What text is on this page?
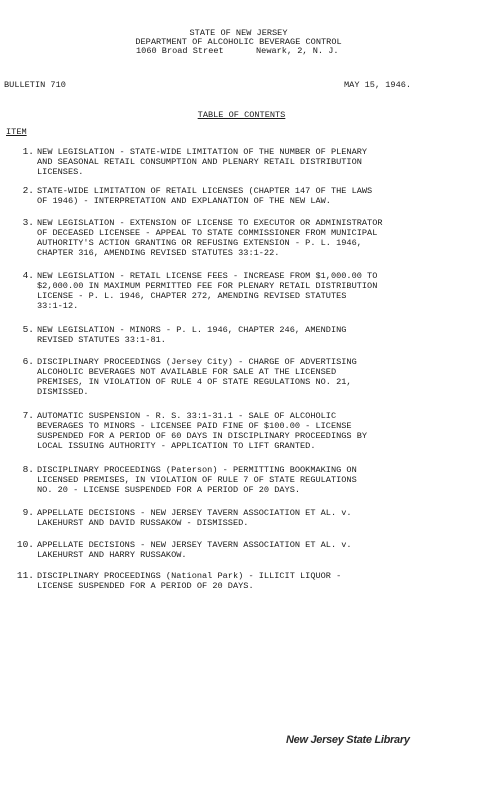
STATE OF NEW JERSEY
DEPARTMENT OF ALCOHOLIC BEVERAGE CONTROL
1060 Broad Street	Newark, 2, N. J.
BULLETIN 710	MAY 15, 1946.
TABLE OF CONTENTS
ITEM
1. NEW LEGISLATION - STATE-WIDE LIMITATION OF THE NUMBER OF PLENARY
AND SEASONAL RETAIL CONSUMPTION AND PLENARY RETAIL DISTRIBUTION
LICENSES.
2. STATE-WIDE LIMITATION OF RETAIL LICENSES (CHAPTER 147 OF THE LAWS
OF 1946) - INTERPRETATION AND EXPLANATION OF THE NEW LAW.
3. NEW LEGISLATION - EXTENSION OF LICENSE TO EXECUTOR OR ADMINISTRATOR
OF DECEASED LICENSEE - APPEAL TO STATE COMMISSIONER FROM MUNICIPAL
AUTHORITY'S ACTION GRANTING OR REFUSING EXTENSION - P. L. 1946,
CHAPTER 316, AMENDING REVISED STATUTES 33:1-22.
4. NEW LEGISLATION - RETAIL LICENSE FEES - INCREASE FROM $1,000.00 TO
$2,000.00 IN MAXIMUM PERMITTED FEE FOR PLENARY RETAIL DISTRIBUTION
LICENSE - P. L. 1946, CHAPTER 272, AMENDING REVISED STATUTES
33:1-12.
5. NEW LEGISLATION - MINORS - P. L. 1946, CHAPTER 246, AMENDING
REVISED STATUTES 33:1-81.
6. DISCIPLINARY PROCEEDINGS (Jersey City) - CHARGE OF ADVERTISING
ALCOHOLIC BEVERAGES NOT AVAILABLE FOR SALE AT THE LICENSED
PREMISES, IN VIOLATION OF RULE 4 OF STATE REGULATIONS NO. 21,
DISMISSED.
7. AUTOMATIC SUSPENSION - R. S. 33:1-31.1 - SALE OF ALCOHOLIC
BEVERAGES TO MINORS - LICENSEE PAID FINE OF $100.00 - LICENSE
SUSPENDED FOR A PERIOD OF 60 DAYS IN DISCIPLINARY PROCEEDINGS BY
LOCAL ISSUING AUTHORITY - APPLICATION TO LIFT GRANTED.
8. DISCIPLINARY PROCEEDINGS (Paterson) - PERMITTING BOOKMAKING ON
LICENSED PREMISES, IN VIOLATION OF RULE 7 OF STATE REGULATIONS
NO. 20 - LICENSE SUSPENDED FOR A PERIOD OF 20 DAYS.
9. APPELLATE DECISIONS - NEW JERSEY TAVERN ASSOCIATION ET AL. v.
LAKEHURST AND DAVID RUSSAKOW - DISMISSED.
10. APPELLATE DECISIONS - NEW JERSEY TAVERN ASSOCIATION ET AL. v.
LAKEHURST AND HARRY RUSSAKOW.
11. DISCIPLINARY PROCEEDINGS (National Park) - ILLICIT LIQUOR -
LICENSE SUSPENDED FOR A PERIOD OF 20 DAYS.
New Jersey State Library
